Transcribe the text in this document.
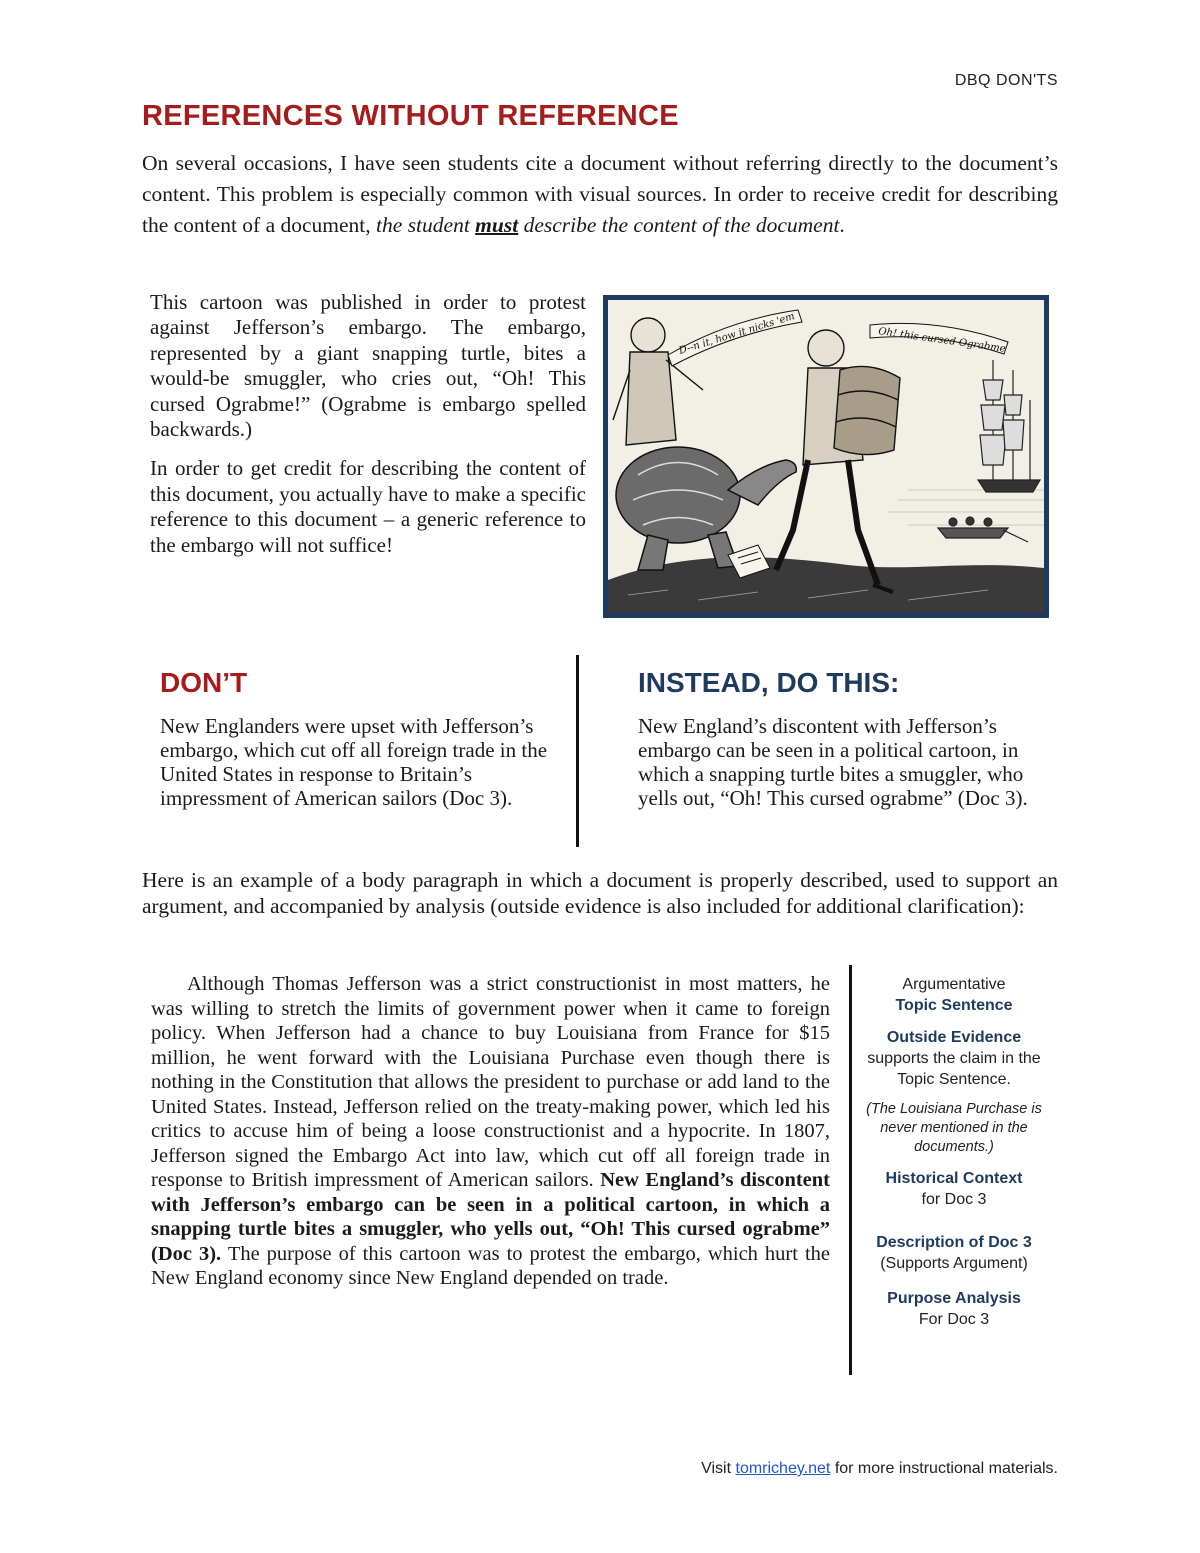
DBQ DON'TS
REFERENCES WITHOUT REFERENCE
On several occasions, I have seen students cite a document without referring directly to the document’s content. This problem is especially common with visual sources. In order to receive credit for describing the content of a document, the student must describe the content of the document.

This cartoon was published in order to protest against Jefferson’s embargo. The embargo, represented by a giant snapping turtle, bites a would-be smuggler, who cries out, “Oh! This cursed Ograbme!” (Ograbme is embargo spelled backwards.)

In order to get credit for describing the content of this document, you actually have to make a specific reference to this document – a generic reference to the embargo will not suffice!

D--n it, how it nicks 'em	Oh! this cursed Ograbme
DON’T
New Englanders were upset with Jefferson’s embargo, which cut off all foreign trade in the United States in response to Britain’s impressment of American sailors (Doc 3).
INSTEAD, DO THIS:
New England’s discontent with Jefferson’s embargo can be seen in a political cartoon, in which a snapping turtle bites a smuggler, who yells out, “Oh! This cursed ograbme” (Doc 3).
Here is an example of a body paragraph in which a document is properly described, used to support an argument, and accompanied by analysis (outside evidence is also included for additional clarification):
Although Thomas Jefferson was a strict constructionist in most matters, he was willing to stretch the limits of government power when it came to foreign policy. When Jefferson had a chance to buy Louisiana from France for $15 million, he went forward with the Louisiana Purchase even though there is nothing in the Constitution that allows the president to purchase or add land to the United States. Instead, Jefferson relied on the treaty-making power, which led his critics to accuse him of being a loose constructionist and a hypocrite. In 1807, Jefferson signed the Embargo Act into law, which cut off all foreign trade in response to British impressment of American sailors. New England’s discontent with Jefferson’s embargo can be seen in a political cartoon, in which a snapping turtle bites a smuggler, who yells out, “Oh! This cursed ograbme” (Doc 3). The purpose of this cartoon was to protest the embargo, which hurt the New England economy since New England depended on trade.
Argumentative
Topic Sentence
Outside Evidence
supports the claim in the Topic Sentence.
(The Louisiana Purchase is never mentioned in the documents.)
Historical Context
for Doc 3
Description of Doc 3
(Supports Argument)
Purpose Analysis
For Doc 3
Visit tomrichey.net for more instructional materials.
